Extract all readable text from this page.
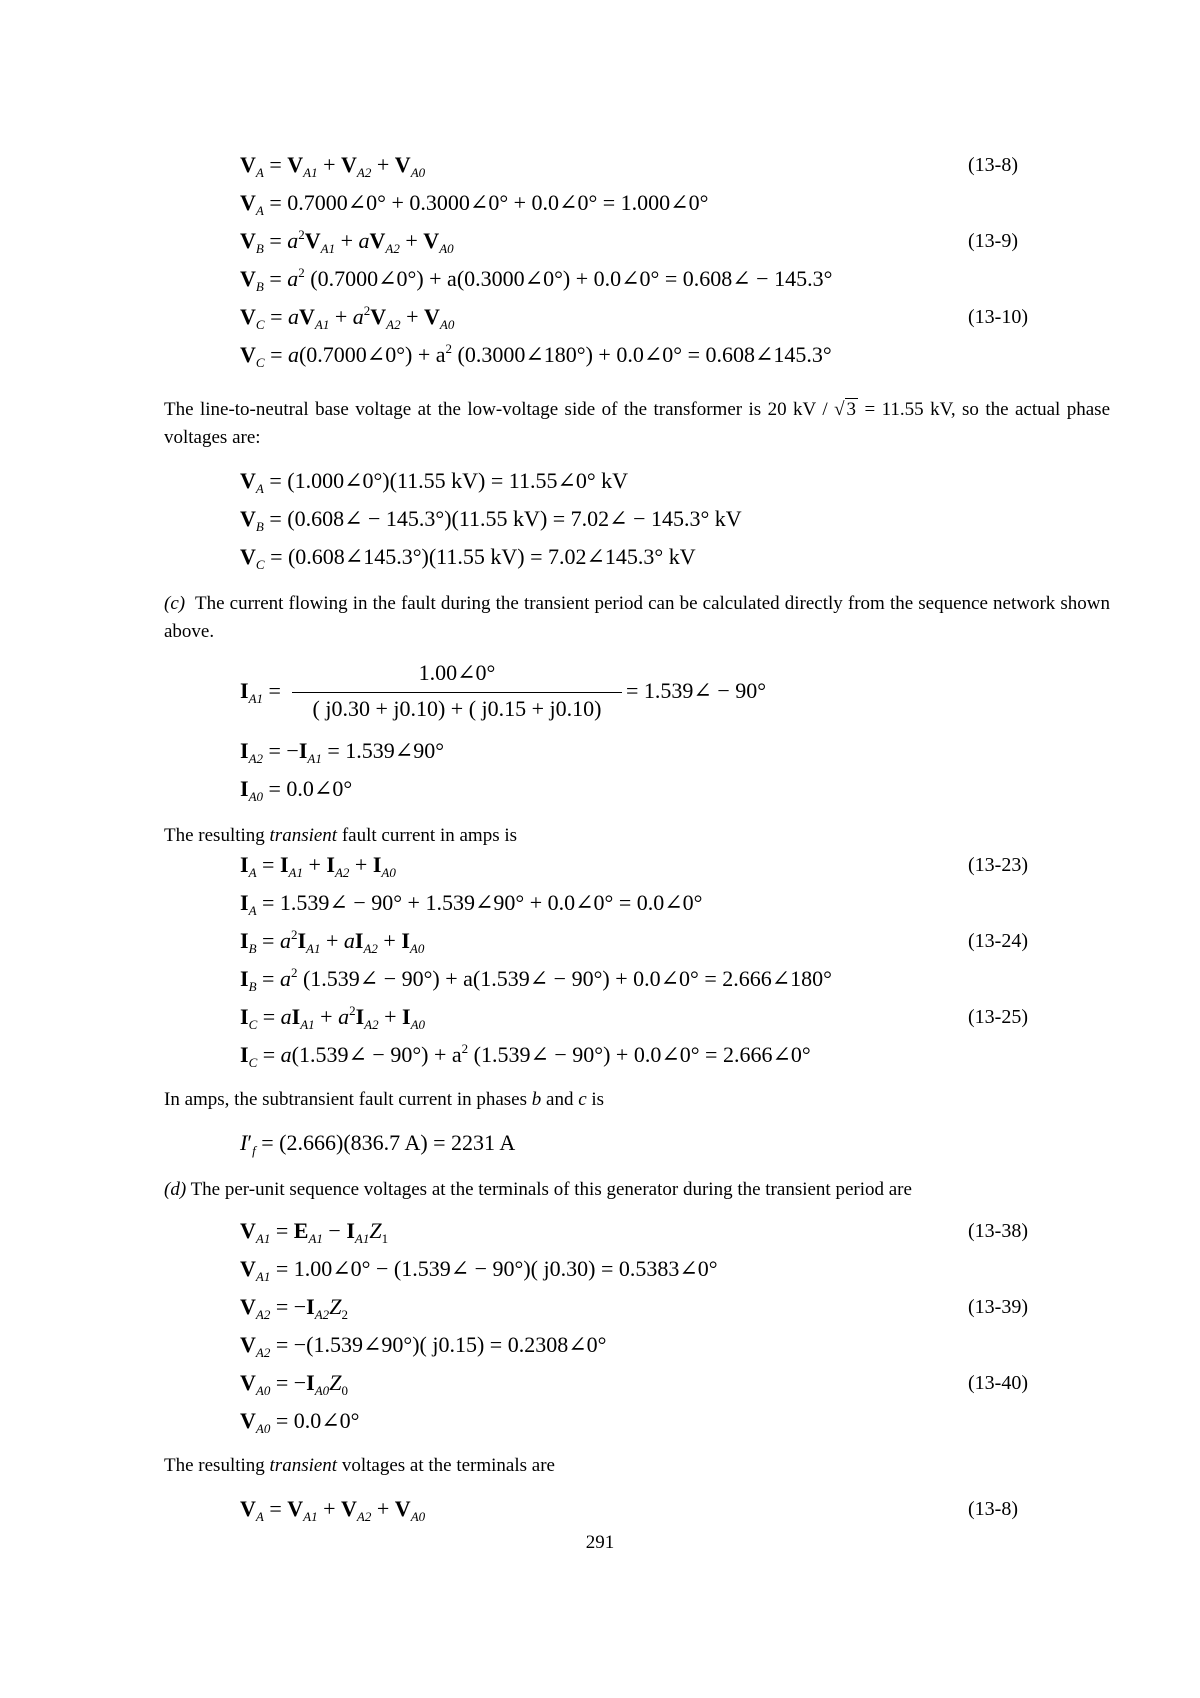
$V_A = V_{A1} + V_{A2} + V_{A0}$	(13-8)
$V_A$ = 0.7000∠0° + 0.3000∠0° + 0.0∠0° = 1.000∠0°
$V_B = a^2V_{A1} + aV_{A2} + V_{A0}$	(13-9)
$V_B = a^2$ (0.7000∠0°) + a(0.3000∠0°) + 0.0∠0° = 0.608∠ − 145.3°
$V_C = aV_{A1} + a^2V_{A2} + V_{A0}$	(13-10)
$V_C$ = a(0.7000∠0°) + $a^2$ (0.3000∠180°) + 0.0∠0° = 0.608∠145.3°
The line-to-neutral base voltage at the low-voltage side of the transformer is 20 kV / √ 3 = 11.55 kV, so the actual phase voltages are:
$V_A$ = (1.000∠0°)(11.55 kV) = 11.55∠0° kV
$V_B$ = (0.608∠ − 145.3°)(11.55 kV) = 7.02∠ − 145.3° kV
$V_C$ = (0.608∠145.3°)(11.55 kV) = 7.02∠145.3° kV
(c) The current flowing in the fault during the transient period can be calculated directly from the sequence network shown above.
$I_{A1}$ =
1.00∠0°
( j0.30 + j0.10) + ( j0.15 + j0.10)
= 1.539∠ − 90°
$I_{A2} = -I_{A1}$ = 1.539∠90°
$I_{A0}$ = 0.0∠0°
The resulting transient fault current in amps is
$I_A = I_{A1} + I_{A2} + I_{A0}$	(13-23)
$I_A$ = 1.539∠ − 90° + 1.539∠90° + 0.0∠0° = 0.0∠0°
$I_B = a^2I_{A1} + aI_{A2} + I_{A0}$	(13-24)
$I_B = a^2$ (1.539∠ − 90°) + a(1.539∠ − 90°) + 0.0∠0° = 2.666∠180°
$I_C = aI_{A1} + a^2I_{A2} + I_{A0}$	(13-25)
$I_C$ = a(1.539∠ − $90^\circ) + a^2$ (1.539∠ − 90°) + 0.0∠0° = 2.666∠0°
In amps, the subtransient fault current in phases b and c is
$I'_f = (2.666)(836.7$ A) = 2231 A
(d) The per-unit sequence voltages at the terminals of this generator during the transient period are
$V_{A1} = E_{A1} - I_{A1}Z_1$	(13-38)
$V_{A1}$ = 1.00∠0° − (1.539∠ − 90°)( j0.30) = 0.5383∠0°
$V_{A2} = -I_{A2}Z_2$	(13-39)
$V_{A2}$ = −(1.539∠90°)( j0.15) = 0.2308∠0°
$V_{A0} = -I_{A0}Z_0$	(13-40)
$V_{A0}$ = 0.0∠0°
The resulting transient voltages at the terminals are
$V_A = V_{A1} + V_{A2} + V_{A0}$	(13-8)
291
